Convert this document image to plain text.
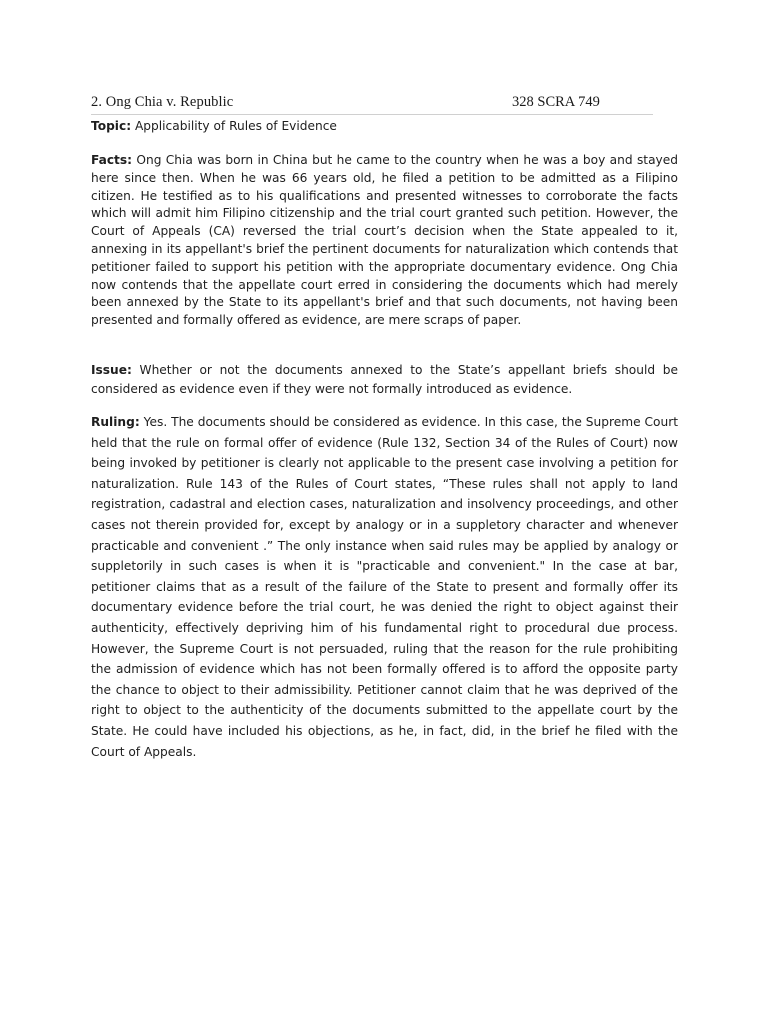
2. Ong Chia v. Republic	328 SCRA 749

Topic: Applicability of Rules of Evidence

Facts: Ong Chia was born in China but he came to the country when he was a boy and stayed here since then. When he was 66 years old, he filed a petition to be admitted as a Filipino citizen. He testified as to his qualifications and presented witnesses to corroborate the facts which will admit him Filipino citizenship and the trial court granted such petition. However, the Court of Appeals (CA) reversed the trial court’s decision when the State appealed to it, annexing in its appellant's brief the pertinent documents for naturalization which contends that petitioner failed to support his petition with the appropriate documentary evidence. Ong Chia now contends that the appellate court erred in considering the documents which had merely been annexed by the State to its appellant's brief and that such documents, not having been presented and formally offered as evidence, are mere scraps of paper.

Issue: Whether or not the documents annexed to the State’s appellant briefs should be considered as evidence even if they were not formally introduced as evidence.

Ruling: Yes. The documents should be considered as evidence. In this case, the Supreme Court held that the rule on formal offer of evidence (Rule 132, Section 34 of the Rules of Court) now being invoked by petitioner is clearly not applicable to the present case involving a petition for naturalization. Rule 143 of the Rules of Court states, “These rules shall not apply to land registration, cadastral and election cases, naturalization and insolvency proceedings, and other cases not therein provided for, except by analogy or in a suppletory character and whenever practicable and convenient .” The only instance when said rules may be applied by analogy or suppletorily in such cases is when it is "practicable and convenient." In the case at bar, petitioner claims that as a result of the failure of the State to present and formally offer its documentary evidence before the trial court, he was denied the right to object against their authenticity, effectively depriving him of his fundamental right to procedural due process. However, the Supreme Court is not persuaded, ruling that the reason for the rule prohibiting the admission of evidence which has not been formally offered is to afford the opposite party the chance to object to their admissibility. Petitioner cannot claim that he was deprived of the right to object to the authenticity of the documents submitted to the appellate court by the State. He could have included his objections, as he, in fact, did, in the brief he filed with the Court of Appeals.
